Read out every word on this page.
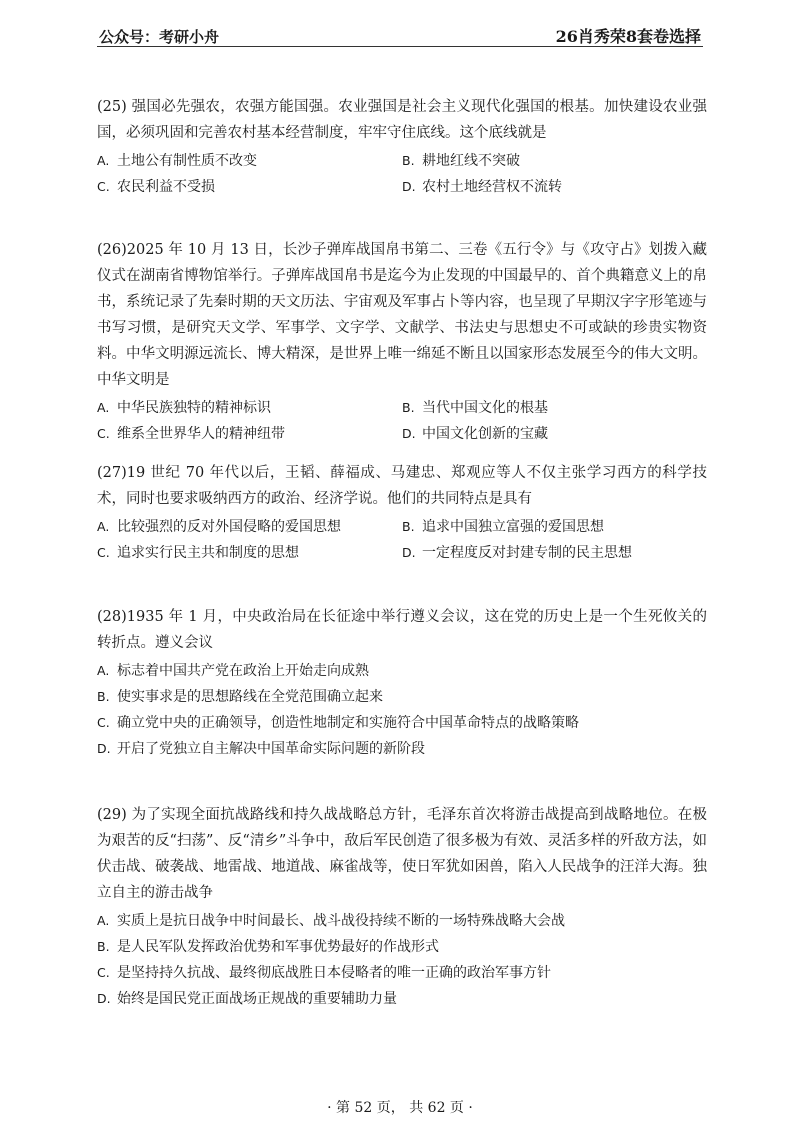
公众号：考研小舟	26肖秀荣8套卷选择
(25) 强国必先强农，农强方能国强。农业强国是社会主义现代化强国的根基。加快建设农业强国，必须巩固和完善农村基本经营制度，牢牢守住底线。这个底线就是
A. 土地公有制性质不改变	B. 耕地红线不突破
C. 农民利益不受损	D. 农村土地经营权不流转
(26)2025 年 10 月 13 日，长沙子弹库战国帛书第二、三卷《五行令》与《攻守占》划拨入藏仪式在湖南省博物馆举行。子弹库战国帛书是迄今为止发现的中国最早的、首个典籍意义上的帛书，系统记录了先秦时期的天文历法、宇宙观及军事占卜等内容，也呈现了早期汉字字形笔迹与书写习惯，是研究天文学、军事学、文字学、文献学、书法史与思想史不可或缺的珍贵实物资料。中华文明源远流长、博大精深，是世界上唯一绵延不断且以国家形态发展至今的伟大文明。中华文明是
A. 中华民族独特的精神标识	B. 当代中国文化的根基
C. 维系全世界华人的精神纽带	D. 中国文化创新的宝藏
(27)19 世纪 70 年代以后，王韬、薛福成、马建忠、郑观应等人不仅主张学习西方的科学技术，同时也要求吸纳西方的政治、经济学说。他们的共同特点是具有
A. 比较强烈的反对外国侵略的爱国思想	B. 追求中国独立富强的爱国思想
C. 追求实行民主共和制度的思想	D. 一定程度反对封建专制的民主思想
(28)1935 年 1 月，中央政治局在长征途中举行遵义会议，这在党的历史上是一个生死攸关的转折点。遵义会议
A. 标志着中国共产党在政治上开始走向成熟
B. 使实事求是的思想路线在全党范围确立起来
C. 确立党中央的正确领导，创造性地制定和实施符合中国革命特点的战略策略
D. 开启了党独立自主解决中国革命实际问题的新阶段
(29) 为了实现全面抗战路线和持久战战略总方针，毛泽东首次将游击战提高到战略地位。在极为艰苦的反“扫荡”、反“清乡”斗争中，敌后军民创造了很多极为有效、灵活多样的歼敌方法，如伏击战、破袭战、地雷战、地道战、麻雀战等，使日军犹如困兽，陷入人民战争的汪洋大海。独立自主的游击战争
A. 实质上是抗日战争中时间最长、战斗战役持续不断的一场特殊战略大会战
B. 是人民军队发挥政治优势和军事优势最好的作战形式
C. 是坚持持久抗战、最终彻底战胜日本侵略者的唯一正确的政治军事方针
D. 始终是国民党正面战场正规战的重要辅助力量
· 第 52 页， 共 62 页 ·
